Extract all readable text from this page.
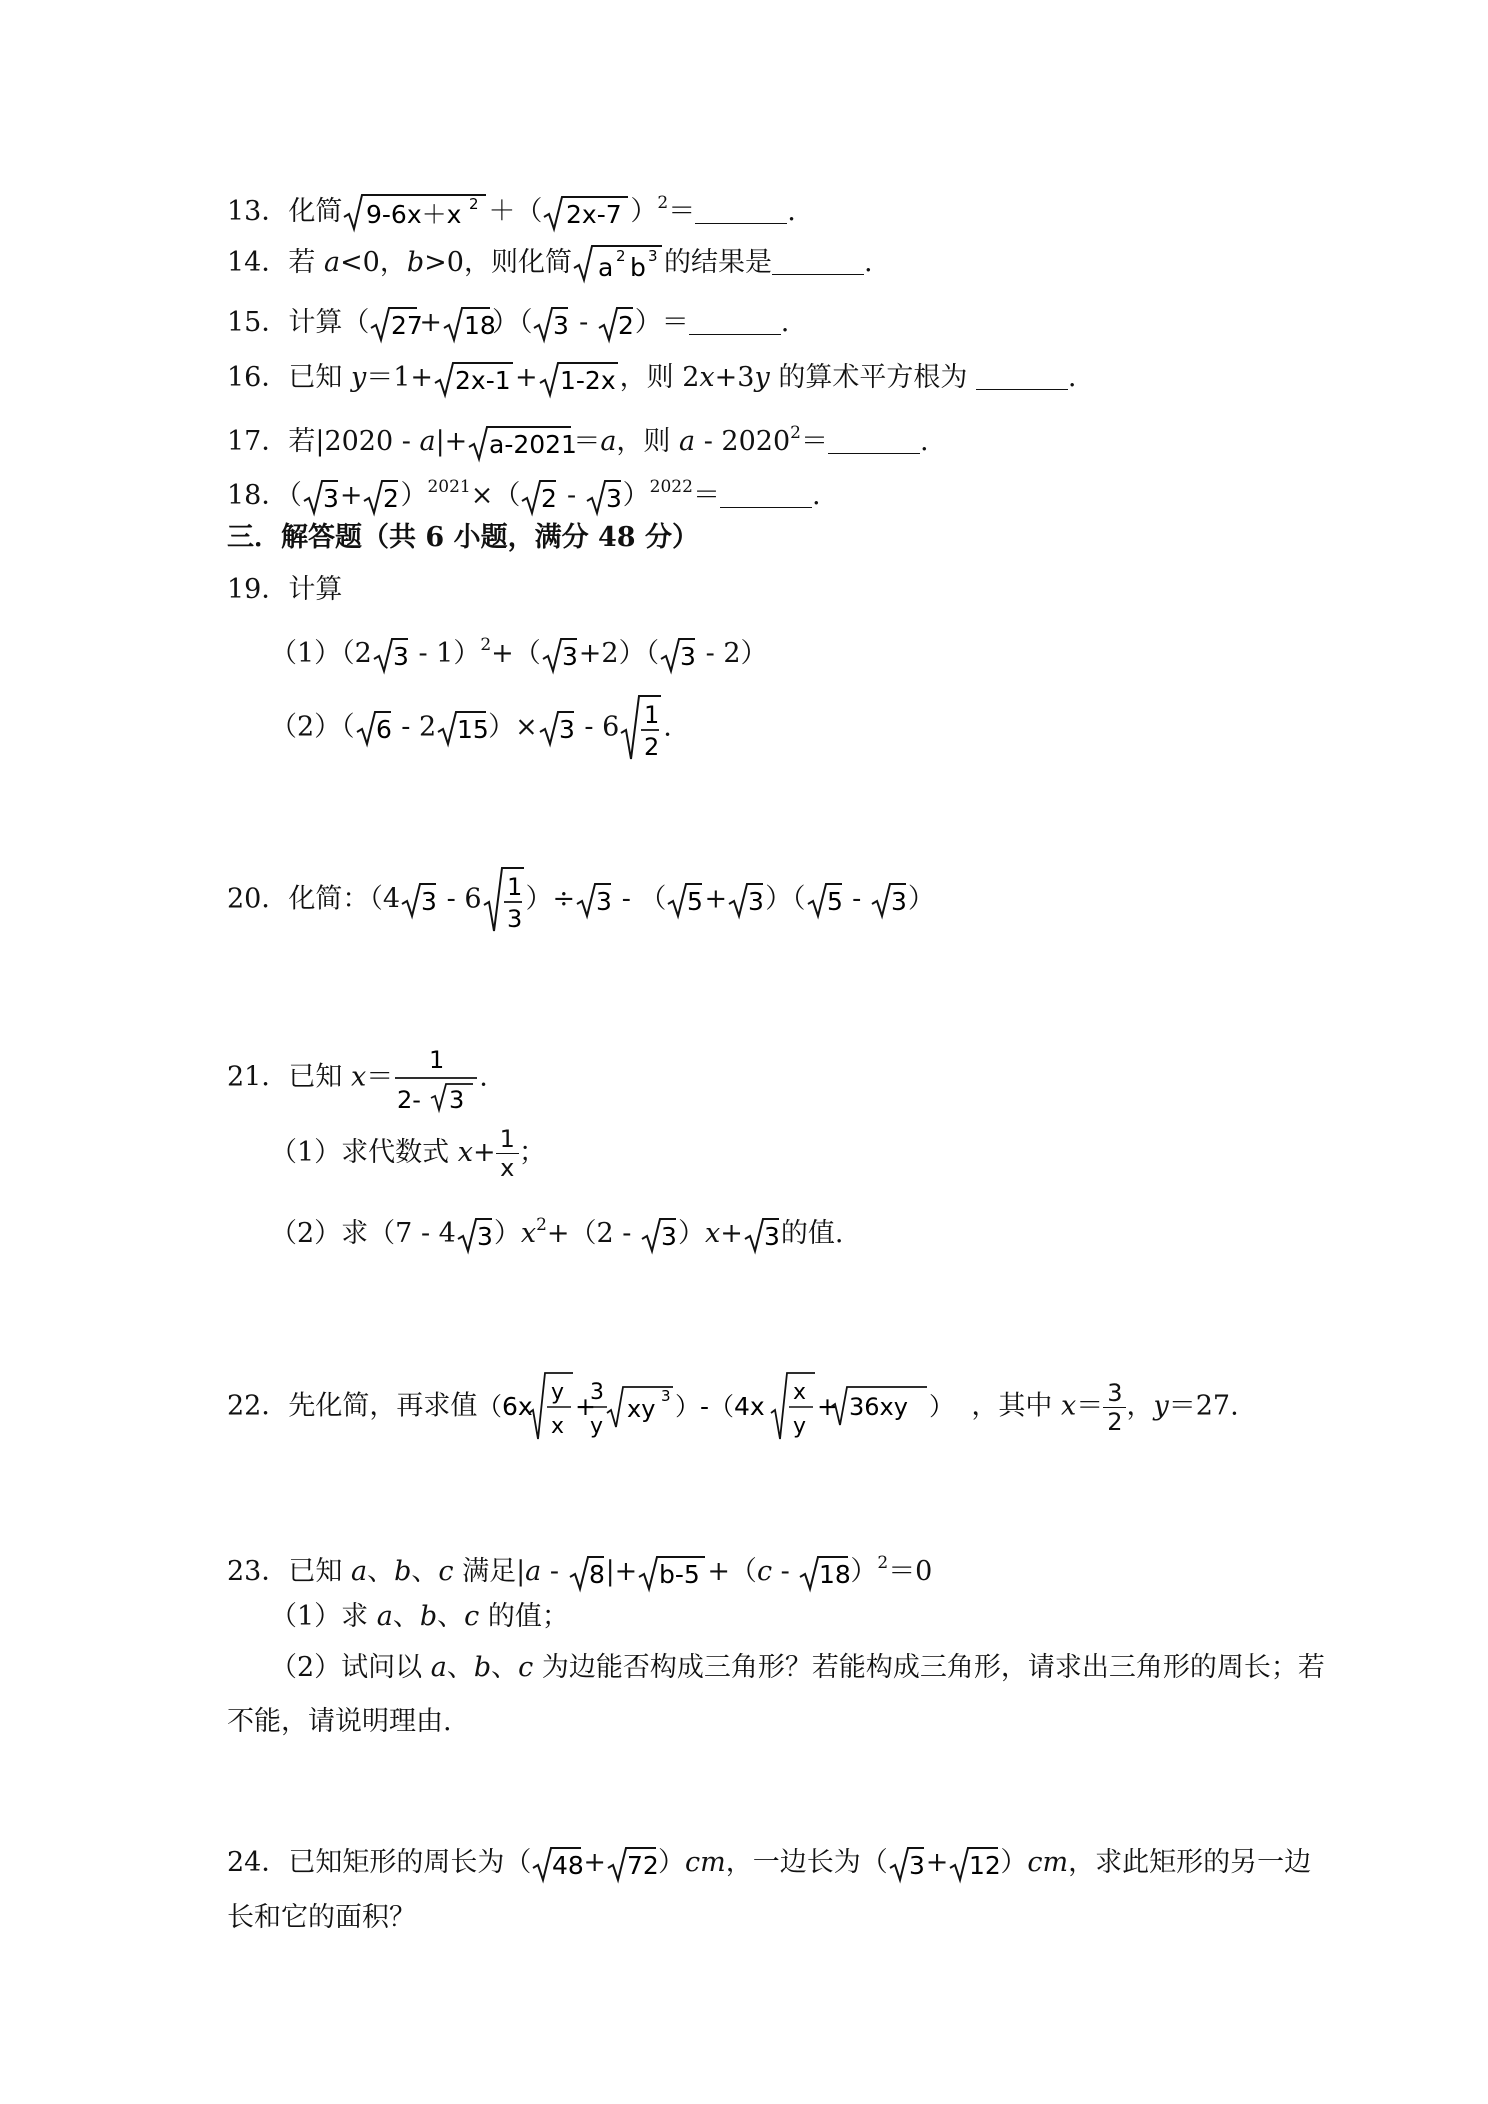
13．化简 9-6x＋x 2 ＋（ 2x-7 ）$^2$＝	.
14．若 a<0，b>0，则化简 a 2 b 3 的结果是	.
15．计算（ 27
+ 18
）（ 3 - 2 ）＝	.
16．已知 y＝1+ 2x-1 + 1-2x ，则 2x+3y 的算术平方根为	.
17．若|2020 - a|+ a-2021
＝a，则 $a - 2020^2=$	.
18．（ 3 + 2 ）$^{2021}$×（ 2 - 3 ）$^{2022}$＝	.
三．解答题（共 6 小题，满分 48 分）
19．计算
（1）（2 3 - 1）$^2$+（ 3 +2）（ 3 - 2）
（2）（ 6 - 2 15 ）× 3 - 6 1
2
.
20．化简：（4 3 - 6 1
3
）÷ 3 - （ 5 + 3 ）（ 5 - 3 ）
21．已知 x＝
1
2- 3
.
（1）求代数式 $x+ \frac{1}{x}$ ；
（2）求（7 - 4 3 ）$x^2+(2 - 3$ ）x+ 3 的值.
22．先化简，再求值 （6x y
x
+
3
y
xy 3 ）-（4x x
y
+ 36xy ） ，其中 $x= \frac{3}{2}$ ，y＝27.
23．已知 a、b、c 满足|a - 8 |+ b-5 +（c - 18 ）$^2$＝0
（1）求 a、b、c 的值；
（2）试问以 a、b、c 为边能否构成三角形？若能构成三角形，请求出三角形的周长；若
不能，请说明理由.
24．已知矩形的周长为（ 48 + 72 ）cm，一边长为（ 3 + 12 ）cm，求此矩形的另一边
长和它的面积？
